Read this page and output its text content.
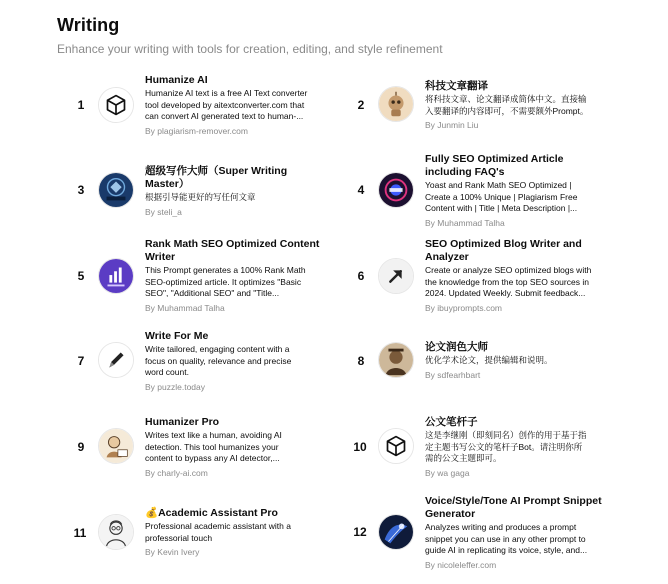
Writing
Enhance your writing with tools for creation, editing, and style refinement
1
Humanize AI
Humanize AI text is a free AI Text converter
tool developed by aitextconverter.com that
can convert AI generated text to human-...
By plagiarism-remover.com
2
科技文章翻译
将科技文章、论文翻译成简体中文。直接输
入要翻译的内容即可，不需要额外Prompt。
By Junmin Liu
3
超级写作大师（Super Writing Master）
根据引导能更好的写任何文章
By steli_a
4
Fully SEO Optimized Article including FAQ's
Yoast and Rank Math SEO Optimized |
Create a 100% Unique | Plagiarism Free
Content with | Title | Meta Description |...
By Muhammad Talha
5
Rank Math SEO Optimized Content Writer
This Prompt generates a 100% Rank Math
SEO-optimized article. It optimizes "Basic
SEO", "Additional SEO" and "Title...
By Muhammad Talha
6
SEO Optimized Blog Writer and Analyzer
Create or analyze SEO optimized blogs with
the knowledge from the top SEO sources in
2024. Updated Weekly. Submit feedback...
By ibuyprompts.com
7
Write For Me
Write tailored, engaging content with a
focus on quality, relevance and precise
word count.
By puzzle.today
8
论文润色大师
优化学术论文，提供编辑和说明。
By sdfearhbart
9
Humanizer Pro
Writes text like a human, avoiding AI
detection. This tool humanizes your
content to bypass any AI detector,...
By charly-ai.com
10
公文笔杆子
这是李继刚（即刻同名）创作的用于基于指
定主题书写公文的笔杆子Bot。请注明你所
需的公文主题即可。
By wa gaga
11
💰Academic Assistant Pro
Professional academic assistant with a
professorial touch
By Kevin Ivery
12
Voice/Style/Tone AI Prompt Snippet Generator
Analyzes writing and produces a prompt
snippet you can use in any other prompt to
guide AI in replicating its voice, style, and...
By nicoleleffer.com
